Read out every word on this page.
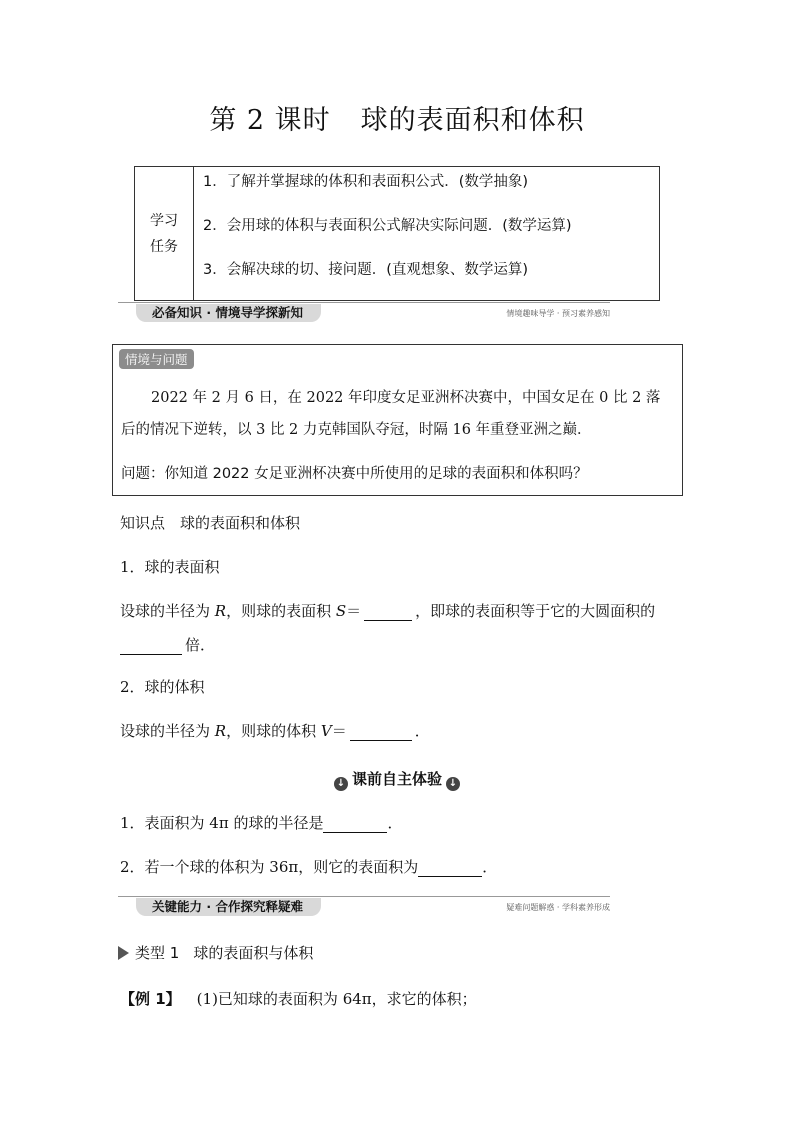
第 2 课时 球的表面积和体积
学习
任务
1．了解并掌握球的体积和表面积公式．(数学抽象)
2．会用球的体积与表面积公式解决实际问题．(数学运算)
3．会解决球的切、接问题．(直观想象、数学运算)
必备知识 · 情境导学探新知	情境趣味导学 · 预习素养感知
情境与问题
2022 年 2 月 6 日，在 2022 年印度女足亚洲杯决赛中，中国女足在 0 比 2 落
后的情况下逆转，以 3 比 2 力克韩国队夺冠，时隔 16 年重登亚洲之巅．
问题：你知道 2022 女足亚洲杯决赛中所使用的足球的表面积和体积吗？
知识点　球的表面积和体积
1．球的表面积
设球的半径为 R，则球的表面积 S＝	，即球的表面积等于它的大圆面积的
倍．
2．球的体积
设球的半径为 R，则球的体积 V＝	．
↓ 课前自主体验 ↓
1．表面积为 4π 的球的半径是	．
2．若一个球的体积为 36π，则它的表面积为	．
关键能力 · 合作探究释疑难	疑难问题解惑 · 学科素养形成
类型 1 球的表面积与体积
【例 1】 (1)已知球的表面积为 64π，求它的体积；
